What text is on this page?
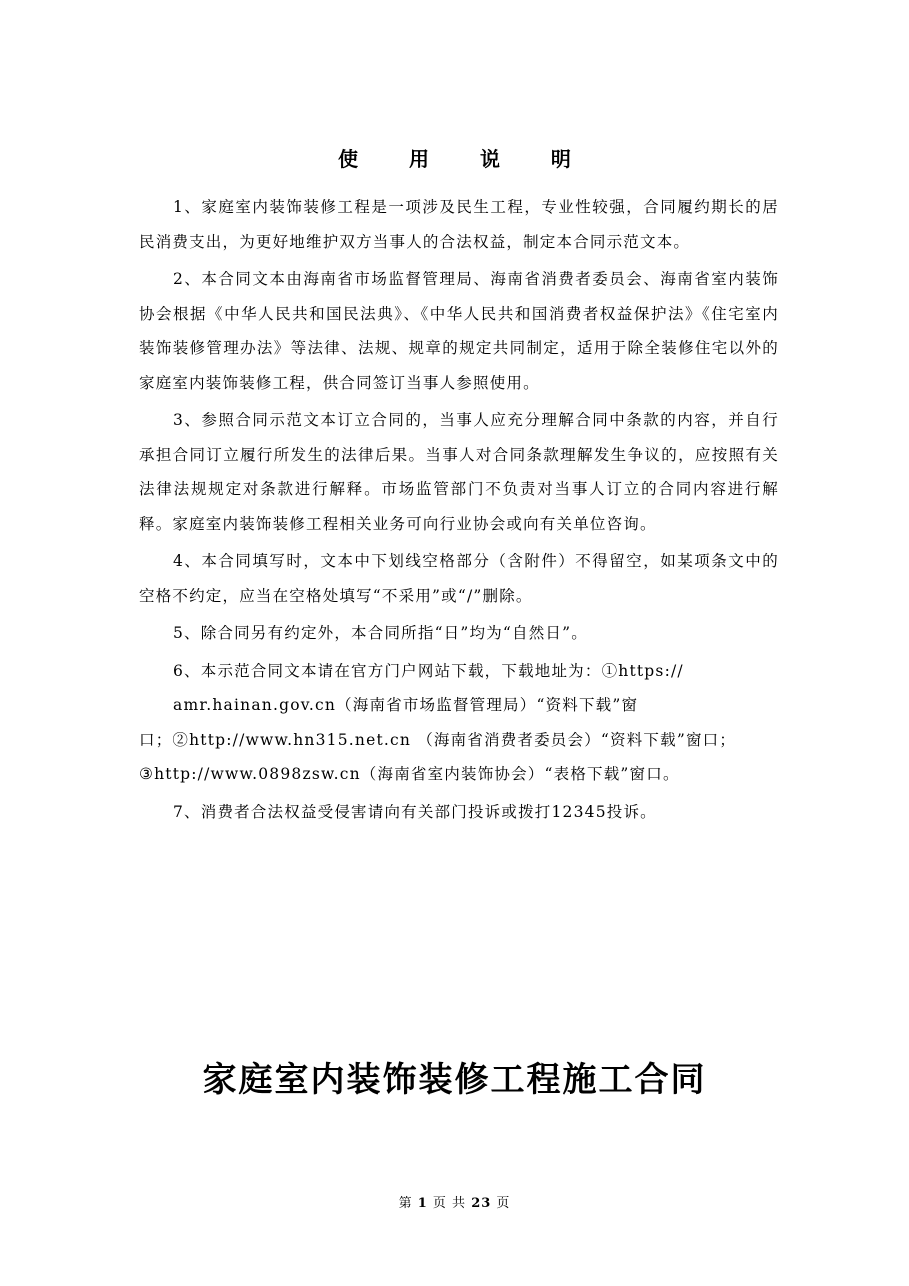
使 用 说 明

1、家庭室内装饰装修工程是一项涉及民生工程，专业性较强，合同履约期长的居民消费支出，为更好地维护双方当事人的合法权益，制定本合同示范文本。

2、本合同文本由海南省市场监督管理局、海南省消费者委员会、海南省室内装饰协会根据《中华人民共和国民法典》、《中华人民共和国消费者权益保护法》《住宅室内装饰装修管理办法》等法律、法规、规章的规定共同制定，适用于除全装修住宅以外的家庭室内装饰装修工程，供合同签订当事人参照使用。

3、参照合同示范文本订立合同的，当事人应充分理解合同中条款的内容，并自行承担合同订立履行所发生的法律后果。当事人对合同条款理解发生争议的，应按照有关法律法规规定对条款进行解释。市场监管部门不负责对当事人订立的合同内容进行解释。家庭室内装饰装修工程相关业务可向行业协会或向有关单位咨询。

4、本合同填写时，文本中下划线空格部分（含附件）不得留空，如某项条文中的空格不约定，应当在空格处填写“不采用”或“/”删除。

5、除合同另有约定外，本合同所指“日”均为“自然日”。

6、本示范合同文本请在官方门户网站下载，下载地址为：①https://

amr.hainan.gov.cn（海南省市场监督管理局）“资料下载”窗

口；②http://www.hn315.net.cn （海南省消费者委员会）“资料下载”窗口；

③http://www.0898zsw.cn（海南省室内装饰协会）“表格下载”窗口。

7、消费者合法权益受侵害请向有关部门投诉或拨打12345投诉。

家庭室内装饰装修工程施工合同
第 1 页 共 23 页
